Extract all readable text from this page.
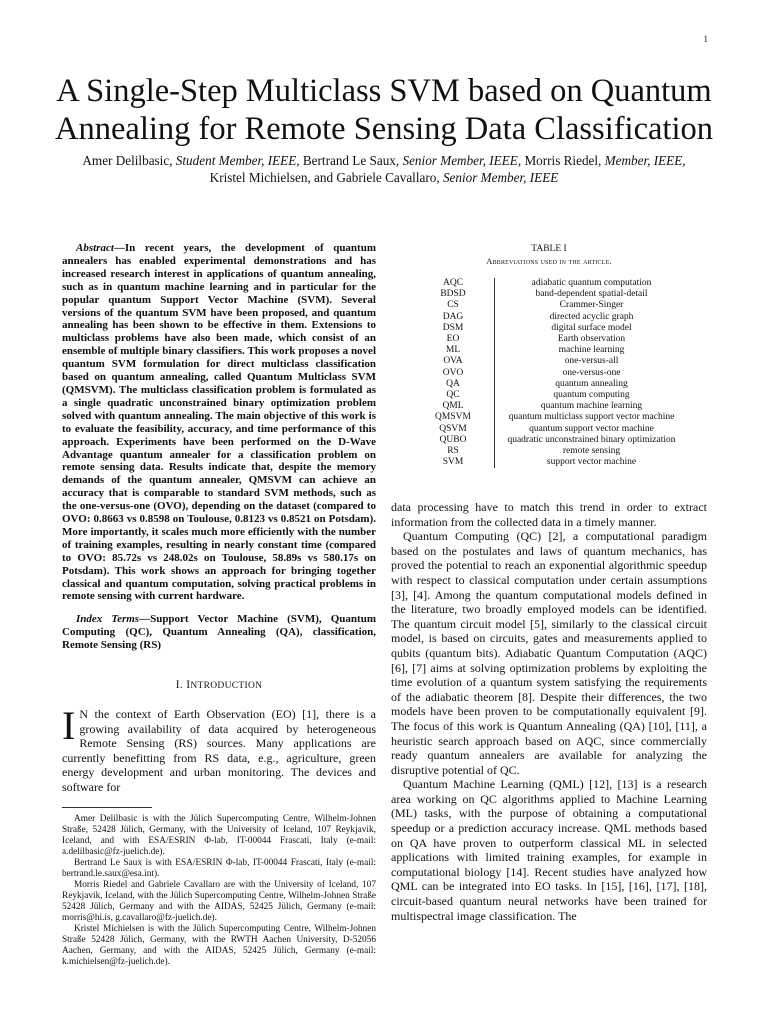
1
A Single-Step Multiclass SVM based on Quantum Annealing for Remote Sensing Data Classification
Amer Delilbasic, Student Member, IEEE, Bertrand Le Saux, Senior Member, IEEE, Morris Riedel, Member, IEEE,
Kristel Michielsen, and Gabriele Cavallaro, Senior Member, IEEE

Abstract—In recent years, the development of quantum annealers has enabled experimental demonstrations and has increased research interest in applications of quantum annealing, such as in quantum machine learning and in particular for the popular quantum Support Vector Machine (SVM). Several versions of the quantum SVM have been proposed, and quantum annealing has been shown to be effective in them. Extensions to multiclass problems have also been made, which consist of an ensemble of multiple binary classifiers. This work proposes a novel quantum SVM formulation for direct multiclass classification based on quantum annealing, called Quantum Multiclass SVM (QMSVM). The multiclass classification problem is formulated as a single quadratic unconstrained binary optimization problem solved with quantum annealing. The main objective of this work is to evaluate the feasibility, accuracy, and time performance of this approach. Experiments have been performed on the D-Wave Advantage quantum annealer for a classification problem on remote sensing data. Results indicate that, despite the memory demands of the quantum annealer, QMSVM can achieve an accuracy that is comparable to standard SVM methods, such as the one-versus-one (OVO), depending on the dataset (compared to OVO: 0.8663 vs 0.8598 on Toulouse, 0.8123 vs 0.8521 on Potsdam). More importantly, it scales much more efficiently with the number of training examples, resulting in nearly constant time (compared to OVO: 85.72s vs 248.02s on Toulouse, 58.89s vs 580.17s on Potsdam). This work shows an approach for bringing together classical and quantum computation, solving practical problems in remote sensing with current hardware.

Index Terms—Support Vector Machine (SVM), Quantum Computing (QC), Quantum Annealing (QA), classification, Remote Sensing (RS)

I. INTRODUCTION

I N the context of Earth Observation (EO) [1], there is a growing availability of data acquired by heterogeneous Remote Sensing (RS) sources. Many applications are currently benefitting from RS data, e.g., agriculture, green energy development and urban monitoring. The devices and software for

Amer Delilbasic is with the Jülich Supercomputing Centre, Wilhelm-Johnen Straße, 52428 Jülich, Germany, with the University of Iceland, 107 Reykjavik, Iceland, and with ESA/ESRIN Φ-lab, IT-00044 Frascati, Italy (e-mail: a.delilbasic@fz-juelich.de).

Bertrand Le Saux is with ESA/ESRIN Φ-lab, IT-00044 Frascati, Italy (e-mail: bertrand.le.saux@esa.int).

Morris Riedel and Gabriele Cavallaro are with the University of Iceland, 107 Reykjavik, Iceland, with the Jülich Supercomputing Centre, Wilhelm-Johnen Straße 52428 Jülich, Germany and with the AIDAS, 52425 Jülich, Germany (e-mail: morris@hi.is, g.cavallaro@fz-juelich.de).

Kristel Michielsen is with the Jülich Supercomputing Centre, Wilhelm-Johnen Straße 52428 Jülich, Germany, with the RWTH Aachen University, D-52056 Aachen, Germany, and with the AIDAS, 52425 Jülich, Germany (e-mail: k.michielsen@fz-juelich.de).

TABLE I
Abbreviations used in the article.
AQC	adiabatic quantum computation
BDSD	band-dependent spatial-detail
CS	Crammer-Singer
DAG	directed acyclic graph
DSM	digital surface model
EO	Earth observation
ML	machine learning
OVA	one-versus-all
OVO	one-versus-one
QA	quantum annealing
QC	quantum computing
QML	quantum machine learning
QMSVM	quantum multiclass support vector machine
QSVM	quantum support vector machine
QUBO	quadratic unconstrained binary optimization
RS	remote sensing
SVM	support vector machine

data processing have to match this trend in order to extract information from the collected data in a timely manner.

Quantum Computing (QC) [2], a computational paradigm based on the postulates and laws of quantum mechanics, has proved the potential to reach an exponential algorithmic speedup with respect to classical computation under certain assumptions [3], [4]. Among the quantum computational models defined in the literature, two broadly employed models can be identified. The quantum circuit model [5], similarly to the classical circuit model, is based on circuits, gates and measurements applied to qubits (quantum bits). Adiabatic Quantum Computation (AQC) [6], [7] aims at solving optimization problems by exploiting the time evolution of a quantum system satisfying the requirements of the adiabatic theorem [8]. Despite their differences, the two models have been proven to be computationally equivalent [9]. The focus of this work is Quantum Annealing (QA) [10], [11], a heuristic search approach based on AQC, since commercially ready quantum annealers are available for analyzing the disruptive potential of QC.

Quantum Machine Learning (QML) [12], [13] is a research area working on QC algorithms applied to Machine Learning (ML) tasks, with the purpose of obtaining a computational speedup or a prediction accuracy increase. QML methods based on QA have proven to outperform classical ML in selected applications with limited training examples, for example in computational biology [14]. Recent studies have analyzed how QML can be integrated into EO tasks. In [15], [16], [17], [18], circuit-based quantum neural networks have been trained for multispectral image classification. The
